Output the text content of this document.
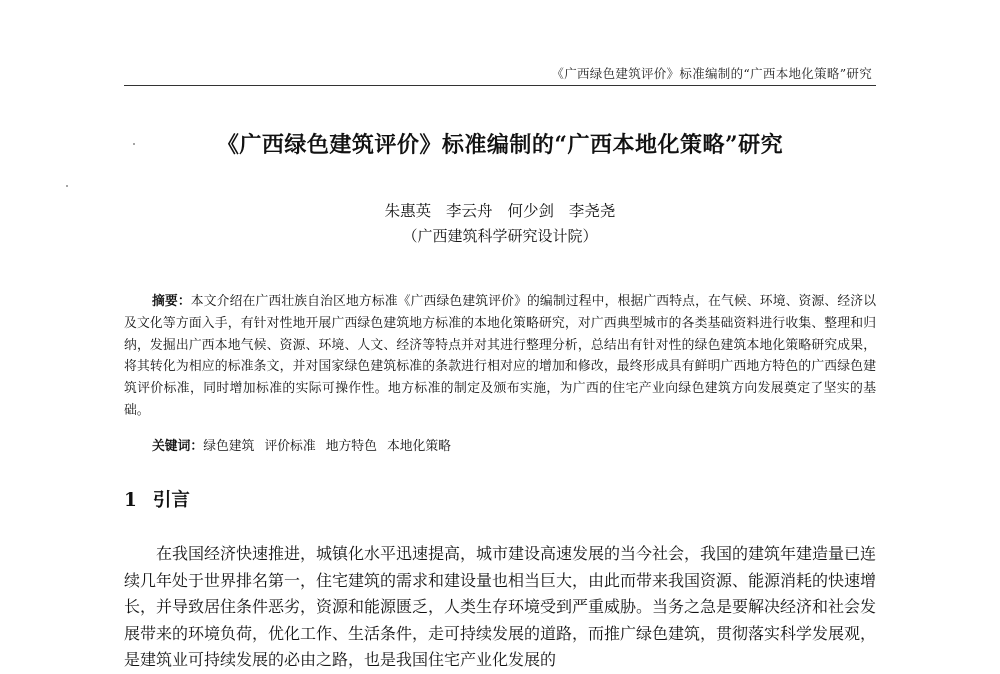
《广西绿色建筑评价》标准编制的“广西本地化策略”研究
《广西绿色建筑评价》标准编制的“广西本地化策略”研究
朱惠英 李云舟 何少剑 李尧尧
（广西建筑科学研究设计院）

摘要：本文介绍在广西壮族自治区地方标准《广西绿色建筑评价》的编制过程中，根据广西特点，在气候、环境、资源、经济以及文化等方面入手，有针对性地开展广西绿色建筑地方标准的本地化策略研究，对广西典型城市的各类基础资料进行收集、整理和归纳，发掘出广西本地气候、资源、环境、人文、经济等特点并对其进行整理分析，总结出有针对性的绿色建筑本地化策略研究成果，将其转化为相应的标准条文，并对国家绿色建筑标准的条款进行相对应的增加和修改，最终形成具有鲜明广西地方特色的广西绿色建筑评价标准，同时增加标准的实际可操作性。地方标准的制定及颁布实施，为广西的住宅产业向绿色建筑方向发展奠定了坚实的基础。

关键词：绿色建筑 评价标准 地方特色 本地化策略
1 引言

在我国经济快速推进，城镇化水平迅速提高，城市建设高速发展的当今社会，我国的建筑年建造量已连续几年处于世界排名第一，住宅建筑的需求和建设量也相当巨大，由此而带来我国资源、能源消耗的快速增长，并导致居住条件恶劣，资源和能源匮乏，人类生存环境受到严重威胁。当务之急是要解决经济和社会发展带来的环境负荷，优化工作、生活条件，走可持续发展的道路，而推广绿色建筑，贯彻落实科学发展观，是建筑业可持续发展的必由之路，也是我国住宅产业化发展的
